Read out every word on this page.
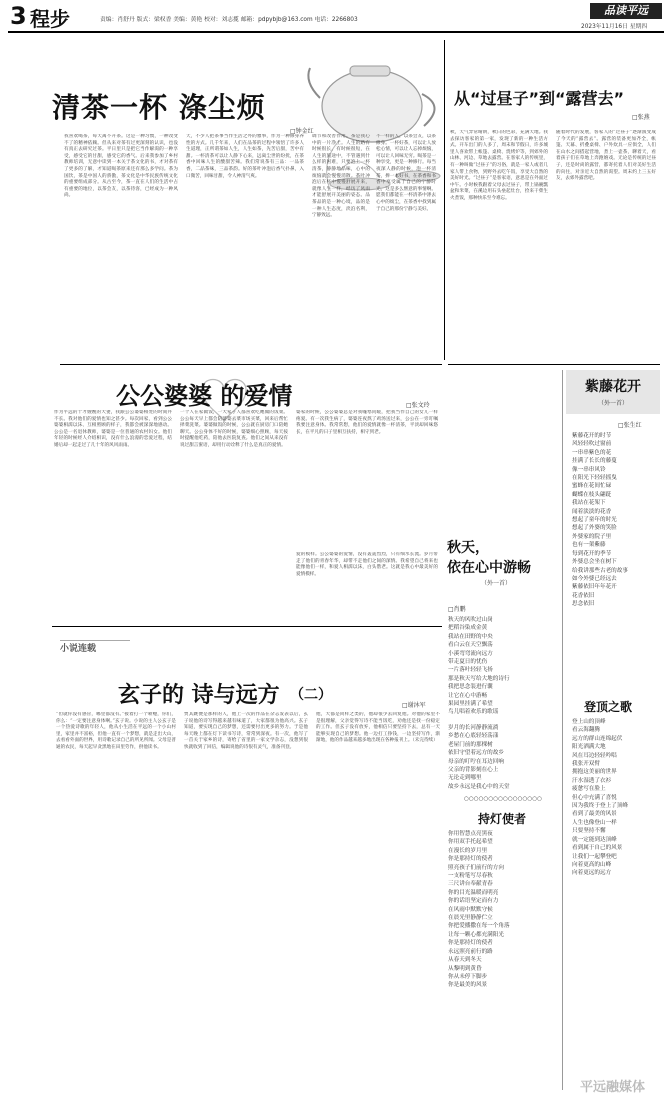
3 程步	责编：肖舒丹 版式：梁权香 美编：黄艳 校对：刘志揽 邮箱：pdpybjb@163.com 电话：2266803
品读平远
2023年11月16日 星期四
清茶一杯 涤尘烦
□钟金红
我喜欢喝茶，每天离不开茶。这是一种习惯，一种改变不了的精神依赖。但从来对茶有过更深刻的认识，也没有真正去研究过茶。平日里只是把它当作解渴的一种享受，感受它的甘甜，感受它的香气。后来我参加了乡村教师培训，无意中读到一本关于茶文化的书，才对茶有了更多的了解，才知道喝茶原来还有那么多学问。茶为国饮，茶是中国人的骄傲，茶文化是中华民族传统文化的重要组成部分。从古至今，茶一直在人们的生活中占有重要的地位，以茶会友，以茶待客，已经成为一种风尚。
天，不少人把茶事当作生活之外的雅事，作为一种修身养性的方式。几千年来，人们在品茶的过程中领悟了许多人生道理，正所谓茶如人生，人生如茶，先苦后甜，苦中有甜。一杯清茶可以让人静下心来，远离尘世的纷扰，在茶香中回味人生的酸甜苦辣。我们常说茶有三品：一品茶香，二品茶味，三品茶韵。好的茶叶冲泡后香气扑鼻，入口微苦，回味甘甜，令人神清气爽。
调节和改善作用。茶是我心中的一片净土。人生的路有时候很长，有时候很短，在人生的旅途中，不管遇到什么样的困难，只要泡上一杯清茶，静静地品味，心中的烦恼就会慢慢消散。茶叶冲泡后在杯中慢慢舒展开来，就像人生一样，经历了风雨才能舒展开美丽的姿态。品茶品的是一种心境，品的是一种人生态度，淡泊名利，宁静致远。
不一样的人，以茶会友，以茶修身。一杯好茶，可以让人放松心情，可以让人忘掉烦恼，可以让人回味无穷。喝茶是一种享受，更是一种修行。每当夜深人静的时候，泡一杯清茶，捧一本好书，在茶香和书香中享受属于自己的宁静时光，这是多么惬意的事情啊。愿我们都能在一杯清茶中涤去心中的烦尘，在茶香中找到属于自己的那份宁静与美好。
从“过昼子”到“露营去”
□张燕
秋，天气异常晴朗，秋日的色彩，充满天地。我去探访客家的第一家，发现了新的一种生活方式。开车出门的人多了，周末和节假日，许多城里人喜欢带上帐篷、桌椅、烧烤炉等，到郊外的山林、河边、草地去露营。在客家人的传统里，有一种叫做“过昼子”的习俗，就是一家人或者几家人带上食物，到野外去吃午饭，享受大自然的美好时光。“过昼子”是客家语，意思是在外面过中午。小时候我跟着父母去过昼子，带上锅碗瓢盆和米菜，在溪边用石头垒起灶台，捡来干柴生火煮饭，那种快乐至今难忘。
随着时代的发展，客家人的“过昼子”逐渐演变成了今天的“露营去”。露营的装备更加齐全，帐篷、天幕、折叠桌椅、户外炊具一应俱全，人们在山水之间搭起营地，煮上一壶茶，聊着天，看着孩子们在草地上奔跑嬉戏。无论是传统的过昼子，还是时尚的露营，都寄托着人们对美好生活的向往，对亲近大自然的渴望。周末约上三五好友，去郊外露营吧。
公公婆婆 的爱情	□张文玲
作为平远的十才嫂嫂的大妻，我跟公公婆婆相处的时间并不长。我对他们的爱情也知之甚少。每次回家，看到公公婆婆相濡以沫、互相照顾的样子，我都会被深深地感动。公公是一名退休教师，婆婆是一位普通的农村妇女。他们年轻的时候经人介绍相识，没有什么浪漫的恋爱过程，结婚后却一起走过了几十年的风风雨雨。
一个人在家做饭，一大家子人都喜欢吃她做的饭菜。公公每天早上都会陪婆婆去菜市场买菜，回来后帮忙择菜洗菜。婆婆做饭的时候，公公就在厨房门口陪她聊天。公公身体不好的时候，婆婆细心照顾，每天按时提醒他吃药，陪他去医院复查。他们之间从来没有说过甜言蜜语，却用行动诠释了什么是真正的爱情。
婆家的时候，公公婆婆总是对我嘘寒问暖，把我当作自己的女儿一样疼爱。有一次我生病了，婆婆连夜熬了鸡汤送过来，公公在一旁叮嘱我要注意身体。我常常想，他们的爱情就像一杯清茶，平淡却回味悠长，在平凡的日子里相互扶持，相守到老。
爱的模样。公公婆婆的爱情，没有轰轰烈烈，只有细水长流。岁月带走了他们的青春年华，却带不走他们之间的深情。我希望自己将来也能像他们一样，和爱人相濡以沫，白头偕老。这就是我心中最美好的爱情模样。
秋天，
依在心中游畅
（外一首）
□肖鹏
秋天的风吹过山岗
把稻谷染成金黄
我站在田野的中央
看白云在天空飘荡
小溪弯弯流向远方
带走夏日的忧伤
一片落叶轻轻飞扬
那是秋天写给大地的诗行
我把思念装进行囊
让它在心中游畅
果园里挂满了希望
鸟儿唱着欢乐的歌谣
岁月的长河静静流淌
乡愁在心底轻轻荡漾
老屋门前的那棵树
依旧守望着远方的故乡
母亲的叮咛在耳边回响
父亲的背影刻在心上
无论走到哪里
故乡永远是我心中的天堂
○○○○○○○○○○○○○○○○
持灯使者
你用智慧点亮黑夜
你用双手托起希望
在漫长的岁月里
你是那持灯的使者
照亮孩子们前行的方向
一支粉笔写尽春秋
三尺讲台奉献青春
你的目光温暖而明亮
你的话语坚定而有力
在风雨中默默守候
在晨光里静静伫立
你把爱播撒在每一个角落
让每一颗心都充满阳光
你是那持灯的使者
永远照亮前行的路
从春天到冬天
从黎明到黄昏
你从未停下脚步
你是最美的风景
紫藤花开
（外一首）
□张生红
紫藤花开的时节
风轻轻吹过窗前
一串串紫色的花
挂满了长长的藤蔓
像一串串风铃
在阳光下轻轻摇曳
蜜蜂在花间忙碌
蝴蝶在枝头翩跹
我站在花架下
闻着淡淡的花香
想起了童年的时光
想起了外婆的笑脸
外婆家的院子里
也有一架紫藤
每到花开的季节
外婆总会坐在树下
给我讲那些古老的故事
如今外婆已经远去
紫藤依旧年年花开
花香依旧
思念依旧
登顶之歌
登上山的顶峰
看云海翻腾
远方的群山连绵起伏
阳光洒满大地
风在耳边轻轻吟唱
我张开双臂
拥抱这美丽的世界
汗水湿透了衣衫
疲惫写在脸上
但心中充满了喜悦
因为我终于登上了顶峰
看到了最美的风景
人生也像登山一样
只要坚持不懈
就一定能到达顶峰
看到属于自己的风景
让我们一起攀登吧
向着更高的山峰
向着更远的远方
小说连载
玄子的 诗与远方 （二）
□谢沐军
“但就你没有感冒，哪里都没有。”接着打一个喷嚏，你们，你么：“一定要注意身体啊。”玄子说。小说的主人公玄子是一个热爱诗歌的年轻人，他从小生活在平远的一个小山村里，家里并不富裕，但他一直有一个梦想，就是走出大山，去看看外面的世界，用诗歌记录自己的所见所闻。父母是普通的农民，每天起早贪黑地在田里劳作，供他读书。
贾其跳便是那样的人，他上一次的作品在杂志发表以后，玄子说他的诗写得越来越有味道了，大家都很为他高兴。玄子知道，要实现自己的梦想，还需要付出更多的努力。于是他每天晚上都在灯下读书写诗，常常到深夜。有一次，他写了一首关于家乡的诗，寄给了省里的一家文学杂志，没想到很快就收到了回信，编辑说他的诗很有灵气，准备刊登。
他，大都是同样之类的，他却很少去回复他。对他的家里不是很理解，父亲觉得写诗不能当饭吃，劝他还是找一份稳定的工作。但玄子没有放弃，他相信只要坚持下去，总有一天能够实现自己的梦想。他一边打工挣钱，一边坚持写作，渐渐地，他的作品越来越多地出现在各种报刊上。（未完待续）
平远融媒体
